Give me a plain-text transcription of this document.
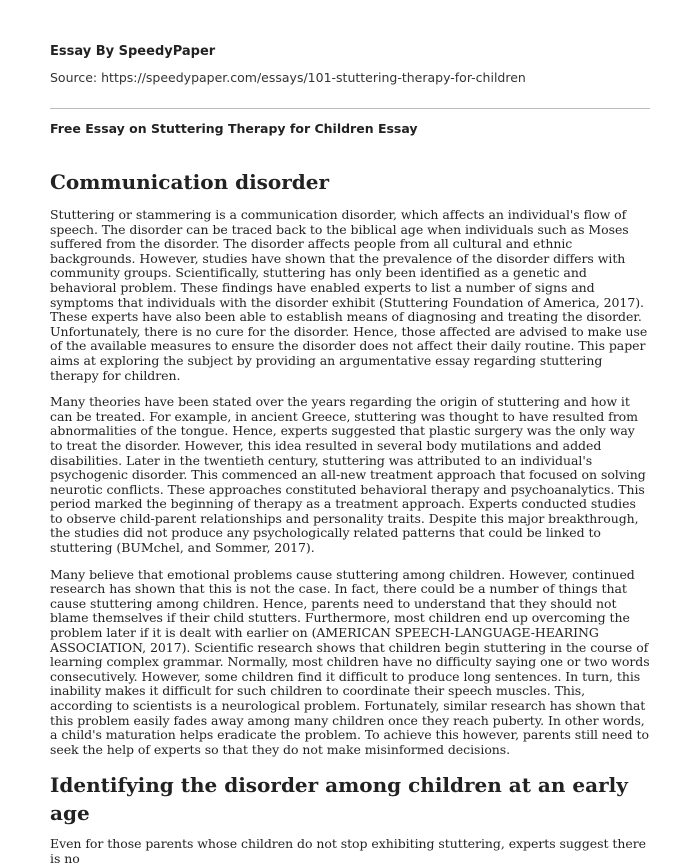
Essay By SpeedyPaper
Source: https://speedypaper.com/essays/101-stuttering-therapy-for-children
Free Essay on Stuttering Therapy for Children Essay
Communication disorder

Stuttering or stammering is a communication disorder, which affects an individual's flow of speech. The disorder can be traced back to the biblical age when individuals such as Moses suffered from the disorder. The disorder affects people from all cultural and ethnic backgrounds. However, studies have shown that the prevalence of the disorder differs with community groups. Scientifically, stuttering has only been identified as a genetic and behavioral problem. These findings have enabled experts to list a number of signs and symptoms that individuals with the disorder exhibit (Stuttering Foundation of America, 2017). These experts have also been able to establish means of diagnosing and treating the disorder. Unfortunately, there is no cure for the disorder. Hence, those affected are advised to make use of the available measures to ensure the disorder does not affect their daily routine. This paper aims at exploring the subject by providing an argumentative essay regarding stuttering therapy for children.

Many theories have been stated over the years regarding the origin of stuttering and how it can be treated. For example, in ancient Greece, stuttering was thought to have resulted from abnormalities of the tongue. Hence, experts suggested that plastic surgery was the only way to treat the disorder. However, this idea resulted in several body mutilations and added disabilities. Later in the twentieth century, stuttering was attributed to an individual's psychogenic disorder. This commenced an all-new treatment approach that focused on solving neurotic conflicts. These approaches constituted behavioral therapy and psychoanalytics. This period marked the beginning of therapy as a treatment approach. Experts conducted studies to observe child-parent relationships and personality traits. Despite this major breakthrough, the studies did not produce any psychologically related patterns that could be linked to stuttering (BUMchel, and Sommer, 2017).

Many believe that emotional problems cause stuttering among children. However, continued research has shown that this is not the case. In fact, there could be a number of things that cause stuttering among children. Hence, parents need to understand that they should not blame themselves if their child stutters. Furthermore, most children end up overcoming the problem later if it is dealt with earlier on (AMERICAN SPEECH-LANGUAGE-HEARING ASSOCIATION, 2017). Scientific research shows that children begin stuttering in the course of learning complex grammar. Normally, most children have no difficulty saying one or two words consecutively. However, some children find it difficult to produce long sentences. In turn, this inability makes it difficult for such children to coordinate their speech muscles. This, according to scientists is a neurological problem. Fortunately, similar research has shown that this problem easily fades away among many children once they reach puberty. In other words, a child's maturation helps eradicate the problem. To achieve this however, parents still need to seek the help of experts so that they do not make misinformed decisions.

Identifying the disorder among children at an early age

Even for those parents whose children do not stop exhibiting stuttering, experts suggest there is no
